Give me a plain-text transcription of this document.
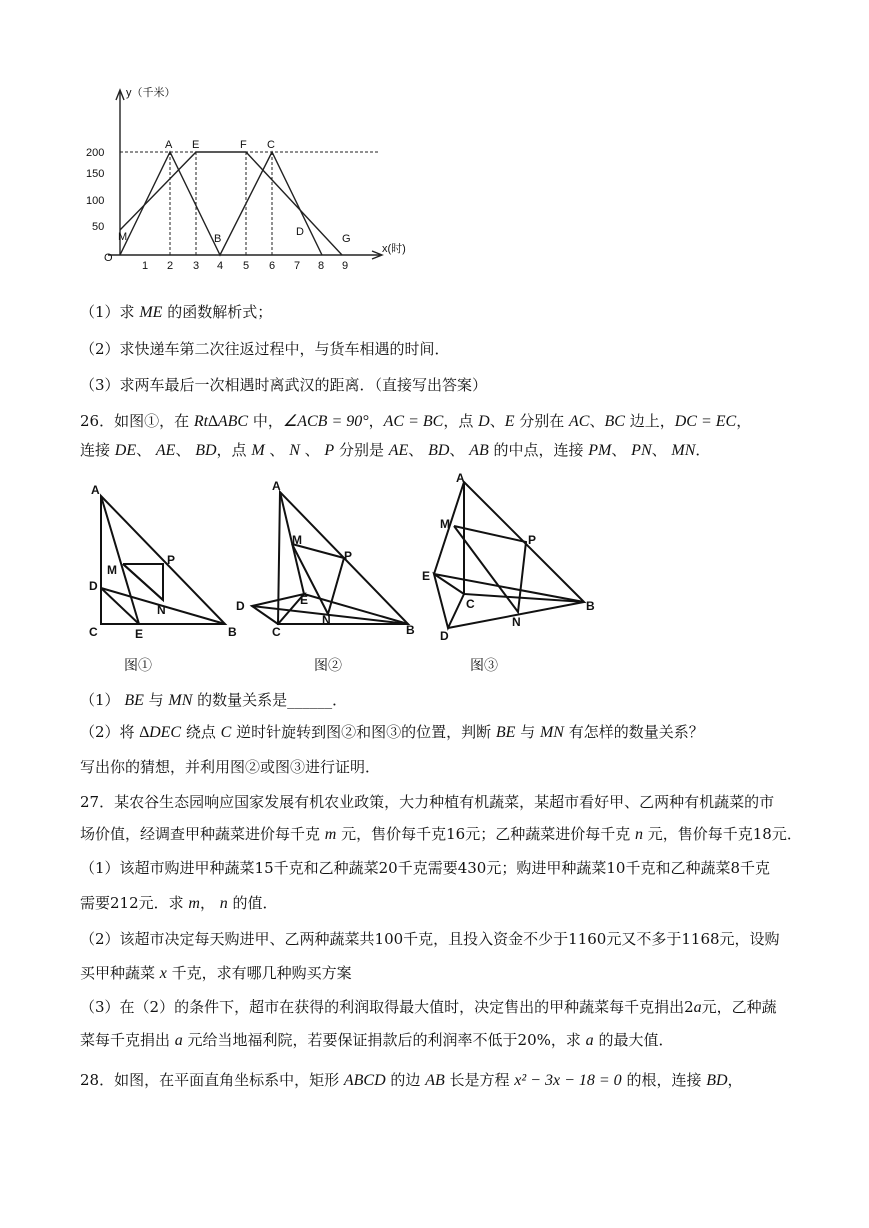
y（千米）
x(时)
O
200
150
100
50
1 2 3 4 5 6 7 8 9
A E	F C
B
D
G
M
（1）求 ME 的函数解析式；
（2）求快递车第二次往返过程中，与货车相遇的时间．
（3）求两车最后一次相遇时离武汉的距离．（直接写出答案）
26．如图①，在 Rt∆ABC 中，∠ACB = 90°，AC = BC，点 D、E 分别在 AC、BC 边上，DC = EC，
连接 DE、 AE、 BD，点 M 、 N 、 P 分别是 AE、 BD、 AB 的中点，连接 PM、 PN、 MN．
A
P
M
D
N
C	E	B
A
M
P
D	E
N
C	B
A
M
P
E
C
N
B
D
图①	图②	图③
（1） BE 与 MN 的数量关系是______．
（2）将 ∆DEC 绕点 C 逆时针旋转到图②和图③的位置，判断 BE 与 MN 有怎样的数量关系？
写出你的猜想，并利用图②或图③进行证明．
27．某农谷生态园响应国家发展有机农业政策，大力种植有机蔬菜，某超市看好甲、乙两种有机蔬菜的市
场价值，经调查甲种蔬菜进价每千克 m 元，售价每千克16元；乙种蔬菜进价每千克 n 元，售价每千克18元．
（1）该超市购进甲种蔬菜15千克和乙种蔬菜20千克需要430元；购进甲种蔬菜10千克和乙种蔬菜8千克
需要212元．求 m， n 的值．
（2）该超市决定每天购进甲、乙两种蔬菜共100千克，且投入资金不少于1160元又不多于1168元，设购
买甲种蔬菜 x 千克，求有哪几种购买方案
（3）在（2）的条件下，超市在获得的利润取得最大值时，决定售出的甲种蔬菜每千克捐出2a元，乙种蔬
菜每千克捐出 a 元给当地福利院，若要保证捐款后的利润率不低于20%，求 a 的最大值．
28．如图，在平面直角坐标系中，矩形 ABCD 的边 AB 长是方程 x² − 3x − 18 = 0 的根，连接 BD，
